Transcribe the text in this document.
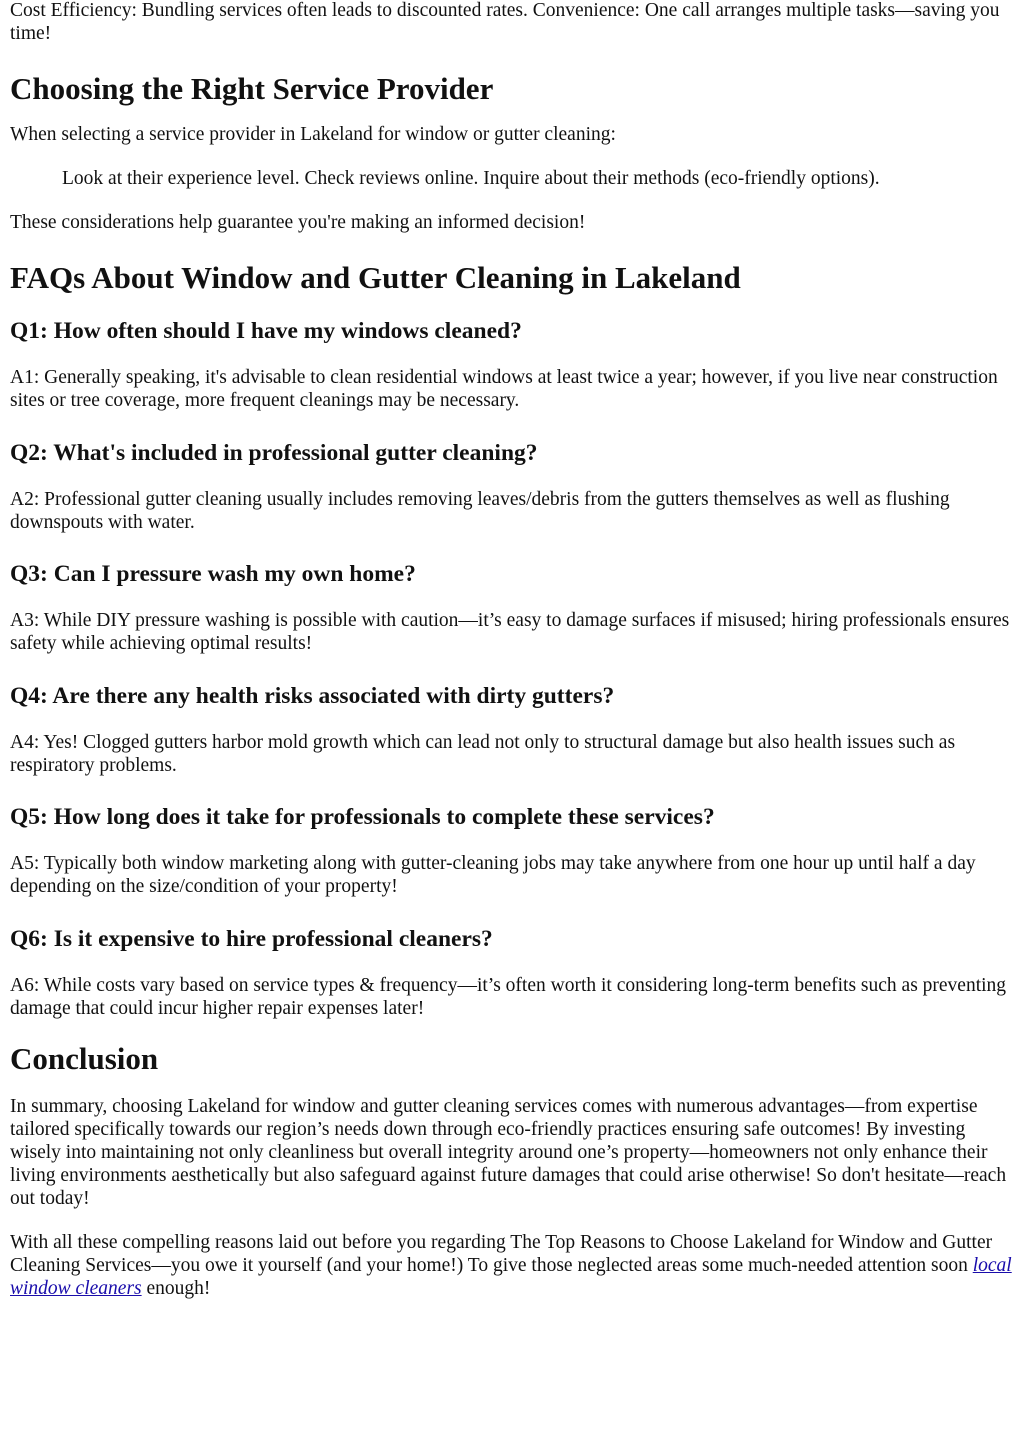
Cost Efficiency: Bundling services often leads to discounted rates. Convenience: One call arranges multiple tasks—saving you time!

Choosing the Right Service Provider

When selecting a service provider in Lakeland for window or gutter cleaning:

Look at their experience level. Check reviews online. Inquire about their methods (eco-friendly options).

These considerations help guarantee you're making an informed decision!

FAQs About Window and Gutter Cleaning in Lakeland
Q1: How often should I have my windows cleaned?

A1: Generally speaking, it's advisable to clean residential windows at least twice a year; however, if you live near construction sites or tree coverage, more frequent cleanings may be necessary.

Q2: What's included in professional gutter cleaning?

A2: Professional gutter cleaning usually includes removing leaves/debris from the gutters themselves as well as flushing downspouts with water.

Q3: Can I pressure wash my own home?

A3: While DIY pressure washing is possible with caution—it’s easy to damage surfaces if misused; hiring professionals ensures safety while achieving optimal results!

Q4: Are there any health risks associated with dirty gutters?

A4: Yes! Clogged gutters harbor mold growth which can lead not only to structural damage but also health issues such as respiratory problems.

Q5: How long does it take for professionals to complete these services?

A5: Typically both window marketing along with gutter-cleaning jobs may take anywhere from one hour up until half a day depending on the size/condition of your property!

Q6: Is it expensive to hire professional cleaners?

A6: While costs vary based on service types & frequency—it’s often worth it considering long-term benefits such as preventing damage that could incur higher repair expenses later!

Conclusion

In summary, choosing Lakeland for window and gutter cleaning services comes with numerous advantages—from expertise tailored specifically towards our region’s needs down through eco-friendly practices ensuring safe outcomes! By investing wisely into maintaining not only cleanliness but overall integrity around one’s property—homeowners not only enhance their living environments aesthetically but also safeguard against future damages that could arise otherwise! So don't hesitate—reach out today!

With all these compelling reasons laid out before you regarding The Top Reasons to Choose Lakeland for Window and Gutter Cleaning Services—you owe it yourself (and your home!) To give those neglected areas some much-needed attention soon local window cleaners enough!
